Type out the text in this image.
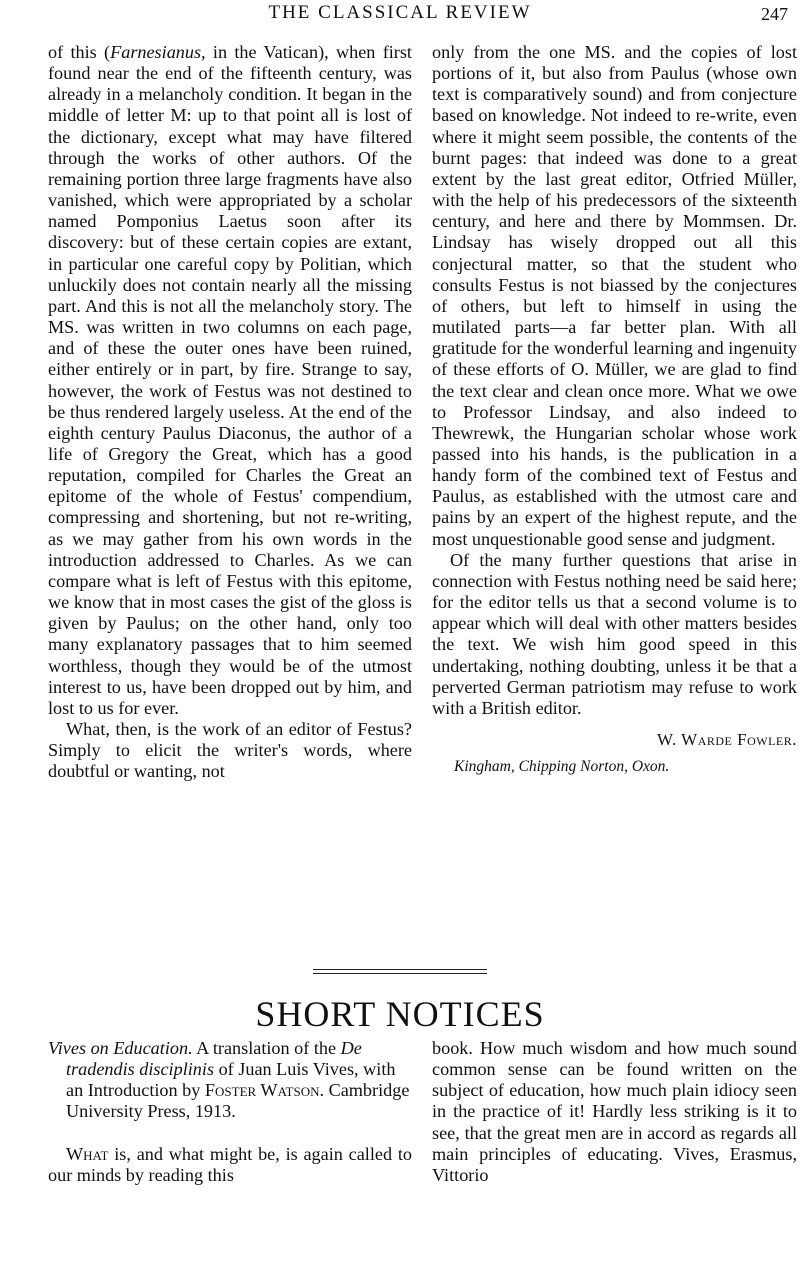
THE CLASSICAL REVIEW	247

of this (Farnesianus, in the Vatican), when first found near the end of the fifteenth century, was already in a melancholy condition. It began in the middle of letter M: up to that point all is lost of the dictionary, except what may have filtered through the works of other authors. Of the remaining portion three large fragments have also vanished, which were appropriated by a scholar named Pomponius Laetus soon after its discovery: but of these certain copies are extant, in particular one careful copy by Politian, which unluckily does not contain nearly all the missing part. And this is not all the melancholy story. The MS. was written in two columns on each page, and of these the outer ones have been ruined, either entirely or in part, by fire. Strange to say, however, the work of Festus was not destined to be thus rendered largely useless. At the end of the eighth century Paulus Diaconus, the author of a life of Gregory the Great, which has a good reputation, compiled for Charles the Great an epitome of the whole of Festus' compendium, compressing and shortening, but not re-writing, as we may gather from his own words in the introduction addressed to Charles. As we can compare what is left of Festus with this epitome, we know that in most cases the gist of the gloss is given by Paulus; on the other hand, only too many explanatory passages that to him seemed worthless, though they would be of the utmost interest to us, have been dropped out by him, and lost to us for ever.

What, then, is the work of an editor of Festus? Simply to elicit the writer's words, where doubtful or wanting, not

only from the one MS. and the copies of lost portions of it, but also from Paulus (whose own text is comparatively sound) and from conjecture based on knowledge. Not indeed to re-write, even where it might seem possible, the contents of the burnt pages: that indeed was done to a great extent by the last great editor, Otfried Müller, with the help of his predecessors of the sixteenth century, and here and there by Mommsen. Dr. Lindsay has wisely dropped out all this conjectural matter, so that the student who consults Festus is not biassed by the conjectures of others, but left to himself in using the mutilated parts—a far better plan. With all gratitude for the wonderful learning and ingenuity of these efforts of O. Müller, we are glad to find the text clear and clean once more. What we owe to Professor Lindsay, and also indeed to Thewrewk, the Hungarian scholar whose work passed into his hands, is the publication in a handy form of the combined text of Festus and Paulus, as established with the utmost care and pains by an expert of the highest repute, and the most unquestionable good sense and judgment.

Of the many further questions that arise in connection with Festus nothing need be said here; for the editor tells us that a second volume is to appear which will deal with other matters besides the text. We wish him good speed in this undertaking, nothing doubting, unless it be that a perverted German patriotism may refuse to work with a British editor.

W. Warde Fowler.

Kingham, Chipping Norton, Oxon.

SHORT NOTICES

Vives on Education. A translation of the De tradendis disciplinis of Juan Luis Vives, with an Introduction by Foster Watson. Cambridge University Press, 1913.

What is, and what might be, is again called to our minds by reading this

book. How much wisdom and how much sound common sense can be found written on the subject of education, how much plain idiocy seen in the practice of it! Hardly less striking is it to see, that the great men are in accord as regards all main principles of educating. Vives, Erasmus, Vittorio
